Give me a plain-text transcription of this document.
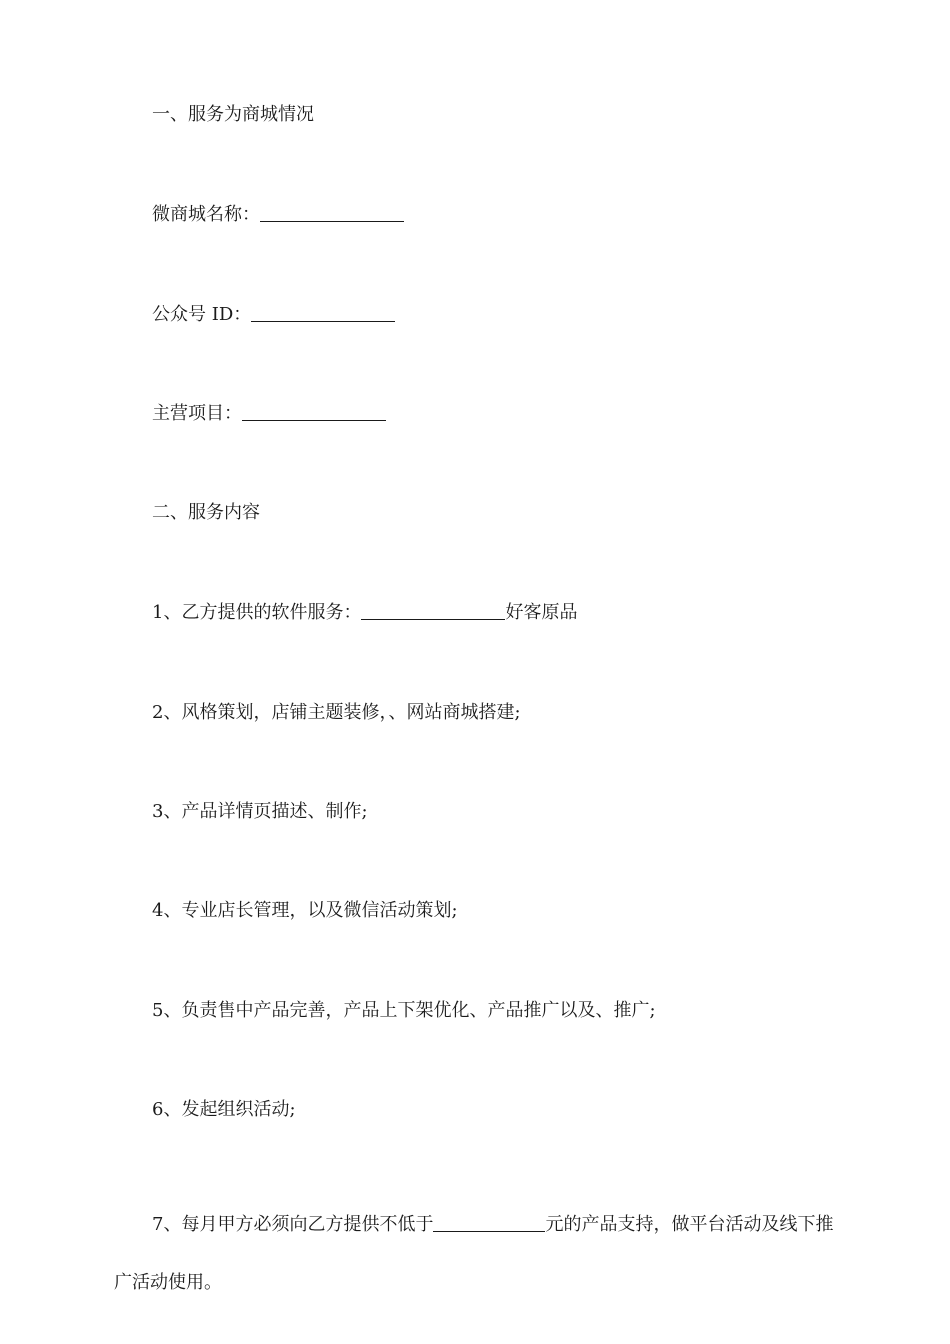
一、服务为商城情况
微商城名称：
公众号 ID：
主营项目：
二、服务内容
1、乙方提供的软件服务：	好客原品
2、风格策划，店铺主题装修，、网站商城搭建;
3、产品详情页描述、制作;
4、专业店长管理，以及微信活动策划;
5、负责售中产品完善，产品上下架优化、产品推广以及、推广;
6、发起组织活动;
7、每月甲方必须向乙方提供不低于	元的产品支持，做平台活动及线下推广活动使用。
